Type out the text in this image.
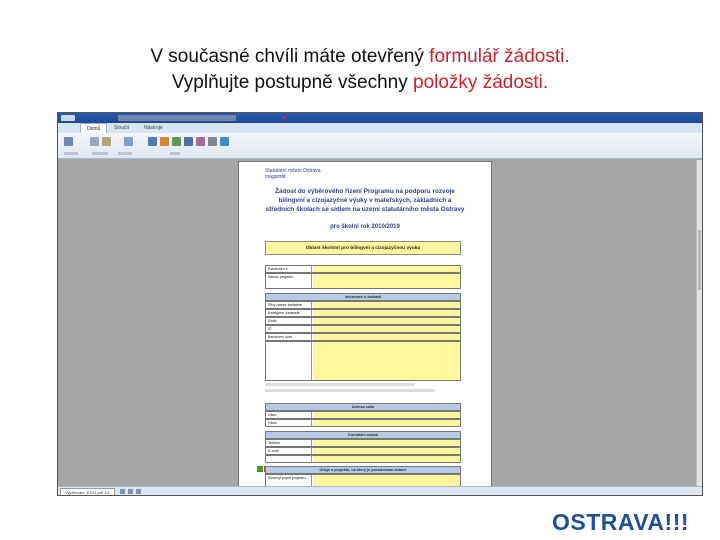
V současné chvíli máte otevřený formulář žádosti.
Vyplňujte postupně všechny položky žádosti.
Domů	Sloučit	Nástroje
Statutární město Ostrava
magistrát
Žádost do výběrového řízení Programu na podporu rozvoje bilingvní a cizojazyčné výuky v mateřských, základních a středních školách se sídlem na území statutárního města Ostravy
pro školní rok 2010/2019
Oblast školství pro bilingvní a cizojazyčnou výuku
Evidenční č.
Název projektu
Informace o žadateli
Plný název žadatele
Kategorie žadatele
Sídlo
IČ
Bankovní účet
Adresa sídla
Ulice
Obec
Kontaktní osoba
Telefon
E-mail
Údaje o projektu, na který je požadována dotace
Stručný popis projektu
Vyplňování_EZ01.pdf 1/1
OSTRAVA!!!
